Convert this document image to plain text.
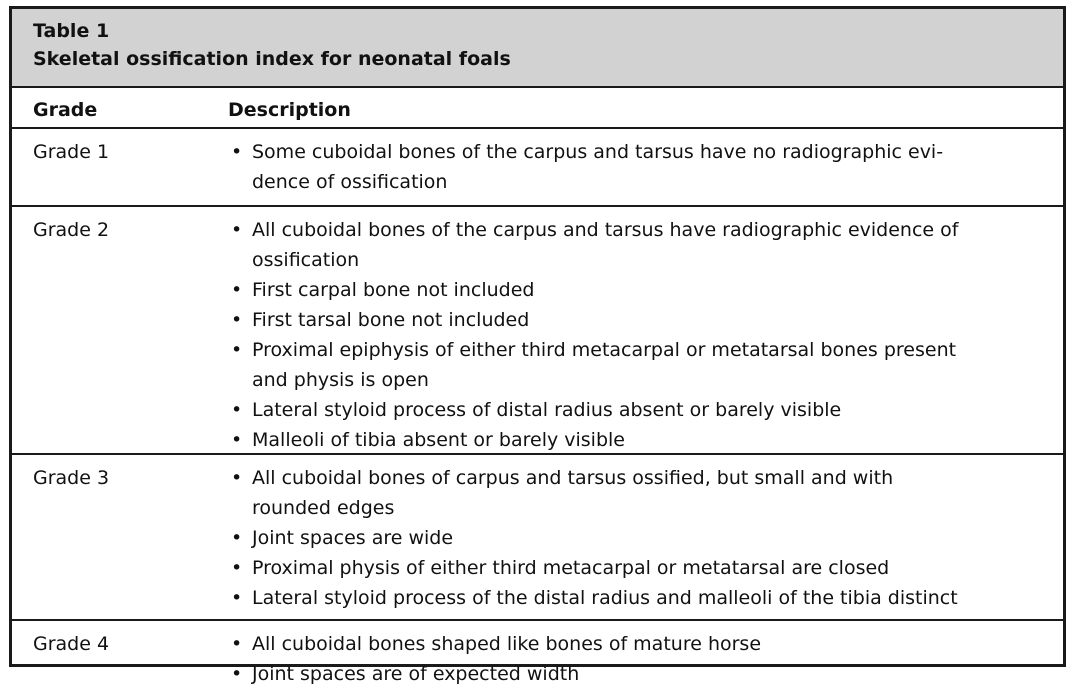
Table 1
Skeletal ossification index for neonatal foals
Grade	Description
Grade 1	• Some cuboidal bones of the carpus and tarsus have no radiographic evi-
dence of ossification
Grade 2	• All cuboidal bones of the carpus and tarsus have radiographic evidence of
ossification
• First carpal bone not included
• First tarsal bone not included
• Proximal epiphysis of either third metacarpal or metatarsal bones present
and physis is open
• Lateral styloid process of distal radius absent or barely visible
• Malleoli of tibia absent or barely visible
Grade 3	• All cuboidal bones of carpus and tarsus ossified, but small and with
rounded edges
• Joint spaces are wide
• Proximal physis of either third metacarpal or metatarsal are closed
• Lateral styloid process of the distal radius and malleoli of the tibia distinct
Grade 4	• All cuboidal bones shaped like bones of mature horse
• Joint spaces are of expected width
